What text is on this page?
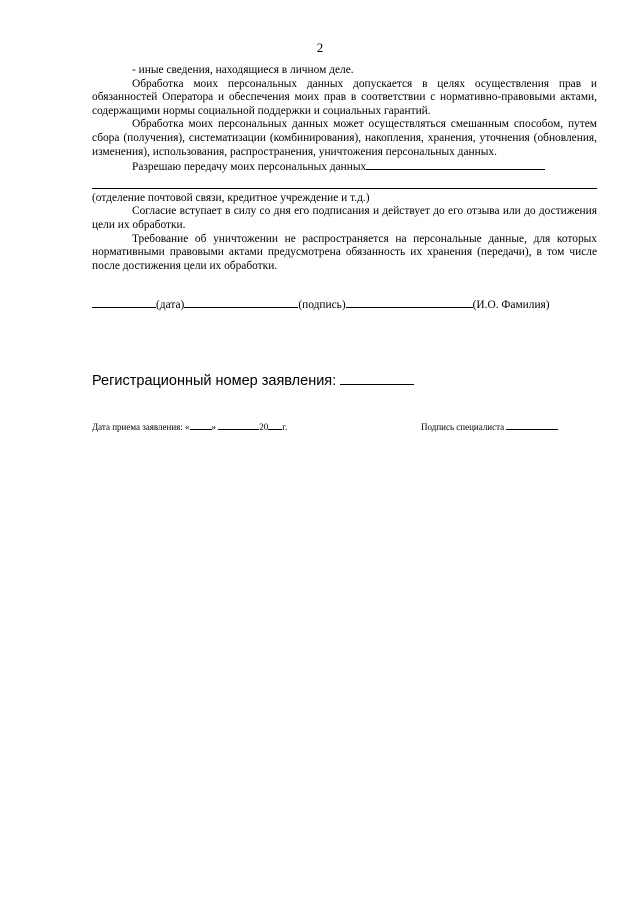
2

- иные сведения, находящиеся в личном деле.

Обработка моих персональных данных допускается в целях осуществления прав и обязанностей Оператора и обеспечения моих прав в соответствии с нормативно-правовыми актами, содержащими нормы социальной поддержки и социальных гарантий.

Обработка моих персональных данных может осуществляться смешанным способом, путем сбора (получения), систематизации (комбинирования), накопления, хранения, уточнения (обновления, изменения), использования, распространения, уничтожения персональных данных.

Разрешаю передачу моих персональных данных

(отделение почтовой связи, кредитное учреждение и т.д.)

Согласие вступает в силу со дня его подписания и действует до его отзыва или до достижения цели их обработки.

Требование об уничтожении не распространяется на персональные данные, для которых нормативными правовыми актами предусмотрена обязанность их хранения (передачи), в том числе после достижения цели их обработки.

(дата)	(подпись)	(И.О. Фамилия)
Регистрационный номер заявления:
Дата приема заявления: « »	20 г.	Подпись специалиста
